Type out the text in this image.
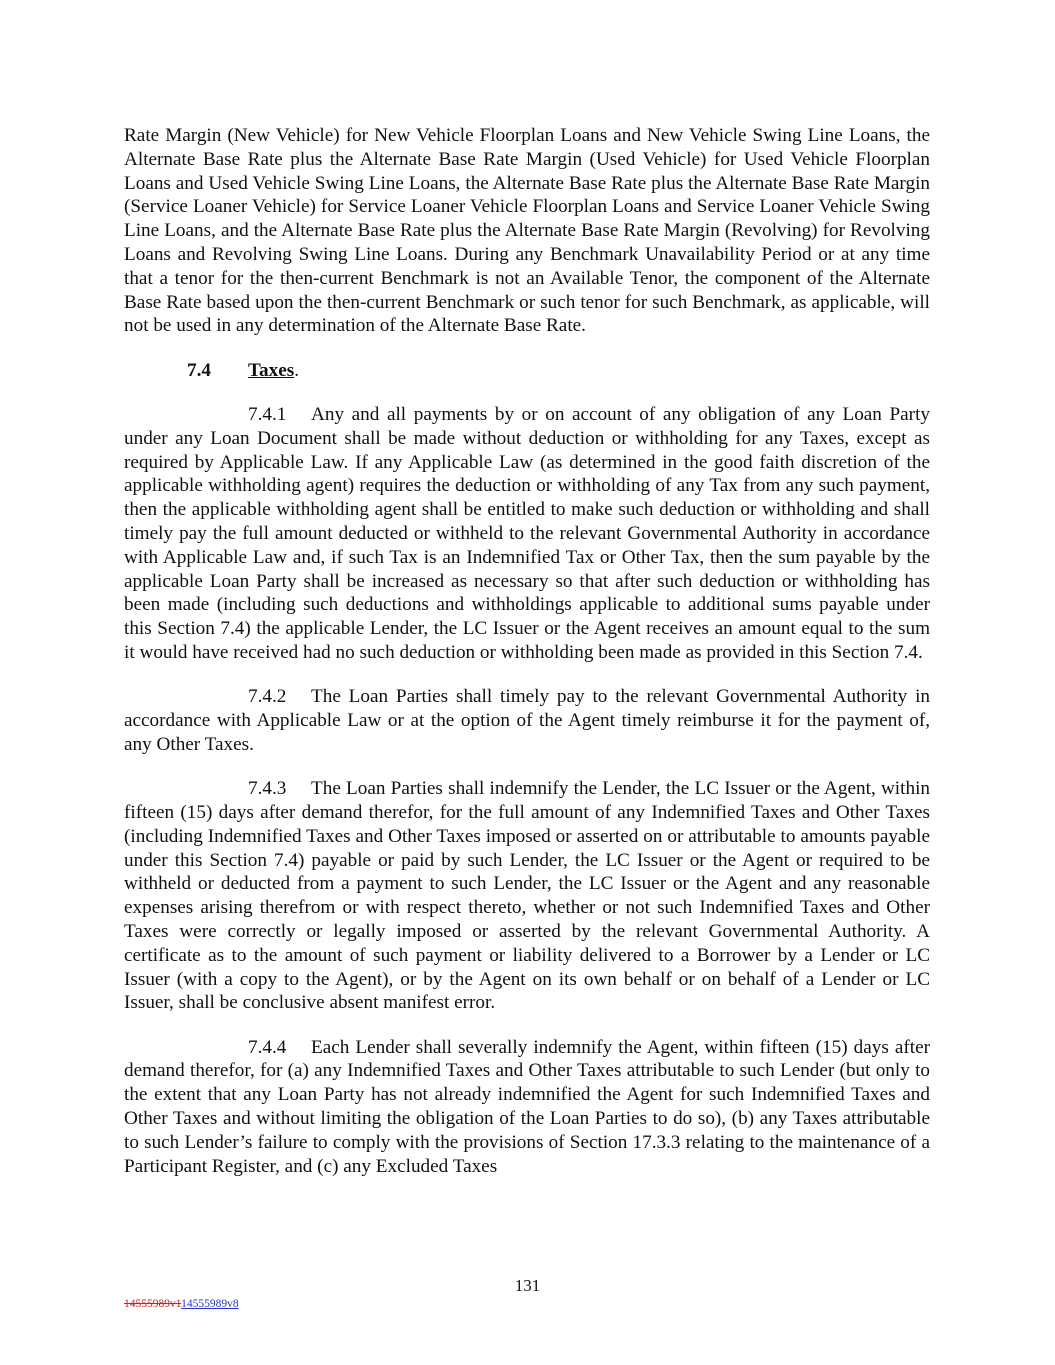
Rate Margin (New Vehicle) for New Vehicle Floorplan Loans and New Vehicle Swing Line Loans, the Alternate Base Rate plus the Alternate Base Rate Margin (Used Vehicle) for Used Vehicle Floorplan Loans and Used Vehicle Swing Line Loans, the Alternate Base Rate plus the Alternate Base Rate Margin (Service Loaner Vehicle) for Service Loaner Vehicle Floorplan Loans and Service Loaner Vehicle Swing Line Loans, and the Alternate Base Rate plus the Alternate Base Rate Margin (Revolving) for Revolving Loans and Revolving Swing Line Loans. During any Benchmark Unavailability Period or at any time that a tenor for the then-current Benchmark is not an Available Tenor, the component of the Alternate Base Rate based upon the then-current Benchmark or such tenor for such Benchmark, as applicable, will not be used in any determination of the Alternate Base Rate.

7.4 Taxes.

7.4.1 Any and all payments by or on account of any obligation of any Loan Party under any Loan Document shall be made without deduction or withholding for any Taxes, except as required by Applicable Law. If any Applicable Law (as determined in the good faith discretion of the applicable withholding agent) requires the deduction or withholding of any Tax from any such payment, then the applicable withholding agent shall be entitled to make such deduction or withholding and shall timely pay the full amount deducted or withheld to the relevant Governmental Authority in accordance with Applicable Law and, if such Tax is an Indemnified Tax or Other Tax, then the sum payable by the applicable Loan Party shall be increased as necessary so that after such deduction or withholding has been made (including such deductions and withholdings applicable to additional sums payable under this Section 7.4) the applicable Lender, the LC Issuer or the Agent receives an amount equal to the sum it would have received had no such deduction or withholding been made as provided in this Section 7.4.

7.4.2 The Loan Parties shall timely pay to the relevant Governmental Authority in accordance with Applicable Law or at the option of the Agent timely reimburse it for the payment of, any Other Taxes.

7.4.3 The Loan Parties shall indemnify the Lender, the LC Issuer or the Agent, within fifteen (15) days after demand therefor, for the full amount of any Indemnified Taxes and Other Taxes (including Indemnified Taxes and Other Taxes imposed or asserted on or attributable to amounts payable under this Section 7.4) payable or paid by such Lender, the LC Issuer or the Agent or required to be withheld or deducted from a payment to such Lender, the LC Issuer or the Agent and any reasonable expenses arising therefrom or with respect thereto, whether or not such Indemnified Taxes and Other Taxes were correctly or legally imposed or asserted by the relevant Governmental Authority. A certificate as to the amount of such payment or liability delivered to a Borrower by a Lender or LC Issuer (with a copy to the Agent), or by the Agent on its own behalf or on behalf of a Lender or LC Issuer, shall be conclusive absent manifest error.

7.4.4 Each Lender shall severally indemnify the Agent, within fifteen (15) days after demand therefor, for (a) any Indemnified Taxes and Other Taxes attributable to such Lender (but only to the extent that any Loan Party has not already indemnified the Agent for such Indemnified Taxes and Other Taxes and without limiting the obligation of the Loan Parties to do so), (b) any Taxes attributable to such Lender’s failure to comply with the provisions of Section 17.3.3 relating to the maintenance of a Participant Register, and (c) any Excluded Taxes

131
14555989v114555989v8
